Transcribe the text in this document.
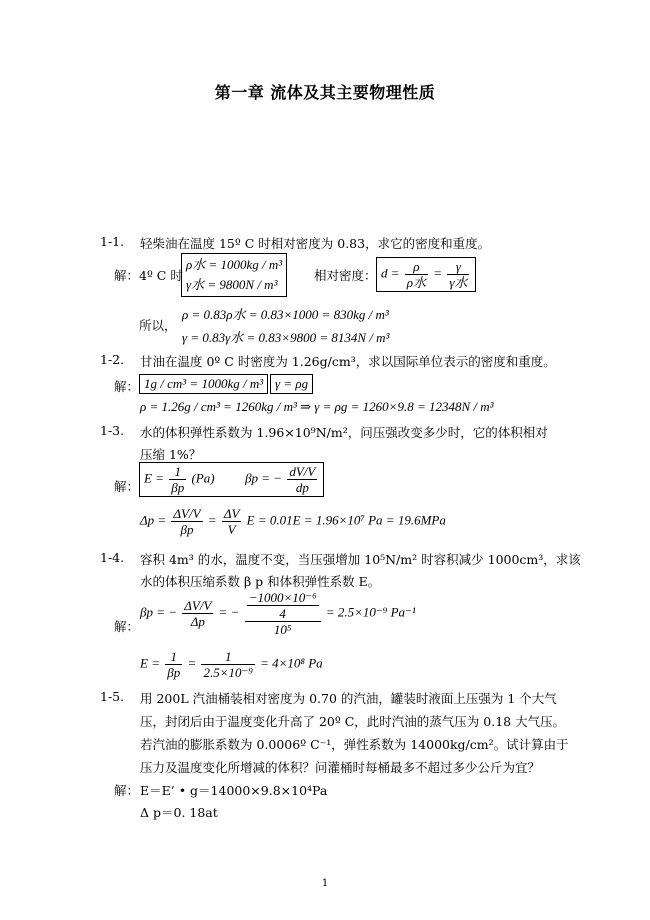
第一章 流体及其主要物理性质
1-1. 轻柴油在温度 15º C 时相对密度为 0.83，求它的密度和重度。
解： 4º C 时
ρ水 = 1000kg / m³
γ水 = 9800N / m³
相对密度： $d = \frac{\rho}{\text{ρ水}} = \frac{\gamma}{\text{γ水}}$
所以，
ρ = 0.83ρ水 = 0.83×1000 = 830kg / m³
γ = 0.83γ水 = 0.83×9800 = 8134N / m³
1-2. 甘油在温度 0º C 时密度为 1.26g/cm³，求以国际单位表示的密度和重度。
解： 1g / cm³ = 1000kg / m³ γ = ρg
ρ = 1.26g / cm³ = 1260kg / m³ ⇒ γ = ρg = 1260×9.8 = 12348N / m³
1-3. 水的体积弹性系数为 1.96×10⁹N/m²，问压强改变多少时，它的体积相对
压缩 1%？
解：
$E = \frac{1}{\beta p} (Pa) \beta p$ = − $\frac{dV/V}{dp}$
$\Delta p = \frac{\Delta V/V}{\beta p} = \frac{\Delta V}{V}$ E = 0.01E = 1.96×10⁷ Pa = 19.6MPa
1-4. 容积 4m³ 的水，温度不变，当压强增加 10⁵N/m² 时容积减少 1000cm³，求该
水的体积压缩系数 β p 和体积弹性系数 E。
解：
βp = − $\frac{\Delta V/V}{\Delta p}$ = − $\frac{\frac{\text{−1000×10⁻⁶}}{4}}{\text{10⁵}} = 2.5\times 10^{-9}$ Pa⁻¹
$E = \frac{1}{\beta p} = \frac{1}{\text{2.5×10⁻⁹}} = 4\times 10^8$ Pa
1-5. 用 200L 汽油桶装相对密度为 0.70 的汽油，罐装时液面上压强为 1 个大气
压，封闭后由于温度变化升高了 20º C，此时汽油的蒸气压为 0.18 大气压。
若汽油的膨胀系数为 0.0006º C⁻¹，弹性系数为 14000kg/cm²。试计算由于
压力及温度变化所增减的体积？问灌桶时每桶最多不超过多少公斤为宜？
解： E＝E’ • g＝14000×9.8×10⁴Pa
Δ p＝0. 18at
1
